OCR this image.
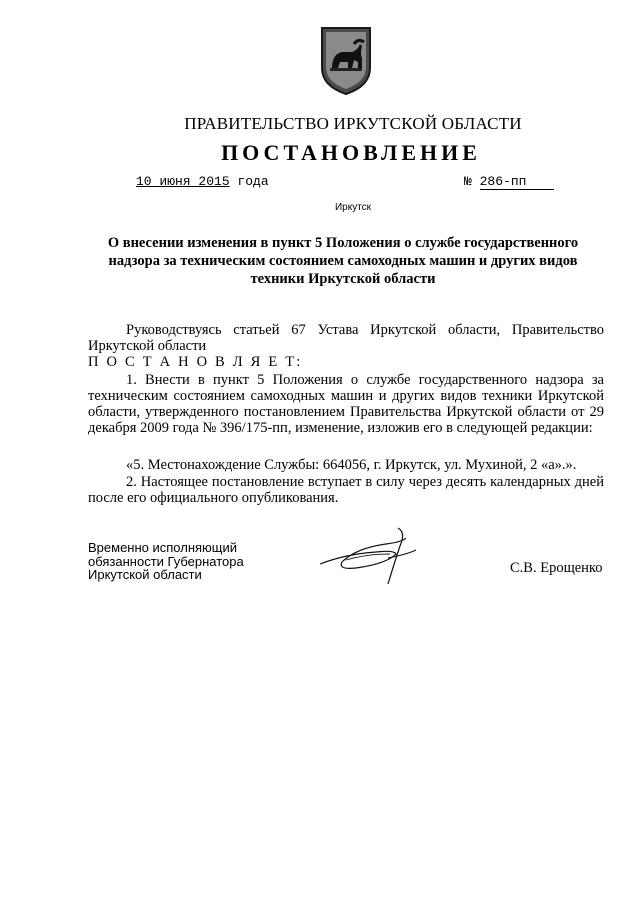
ПРАВИТЕЛЬСТВО ИРКУТСКОЙ ОБЛАСТИ
ПОСТАНОВЛЕНИЕ
10 июня 2015 года	№ 286-пп
Иркутск
О внесении изменения в пункт 5 Положения о службе государственного надзора за техническим состоянием самоходных машин и других видов техники Иркутской области

Руководствуясь статьей 67 Устава Иркутской области, Правительство Иркутской области

П О С Т А Н О В Л Я Е Т:

1. Внести в пункт 5 Положения о службе государственного надзора за техническим состоянием самоходных машин и других видов техники Иркутской области, утвержденного постановлением Правительства Иркутской области от 29 декабря 2009 года № 396/175-пп, изменение, изложив его в следующей редакции:

«5. Местонахождение Службы: 664056, г. Иркутск, ул. Мухиной, 2 «а».».

2. Настоящее постановление вступает в силу через десять календарных дней после его официального опубликования.

Временно исполняющий
обязанности Губернатора
Иркутской области	С.В. Ерощенко
